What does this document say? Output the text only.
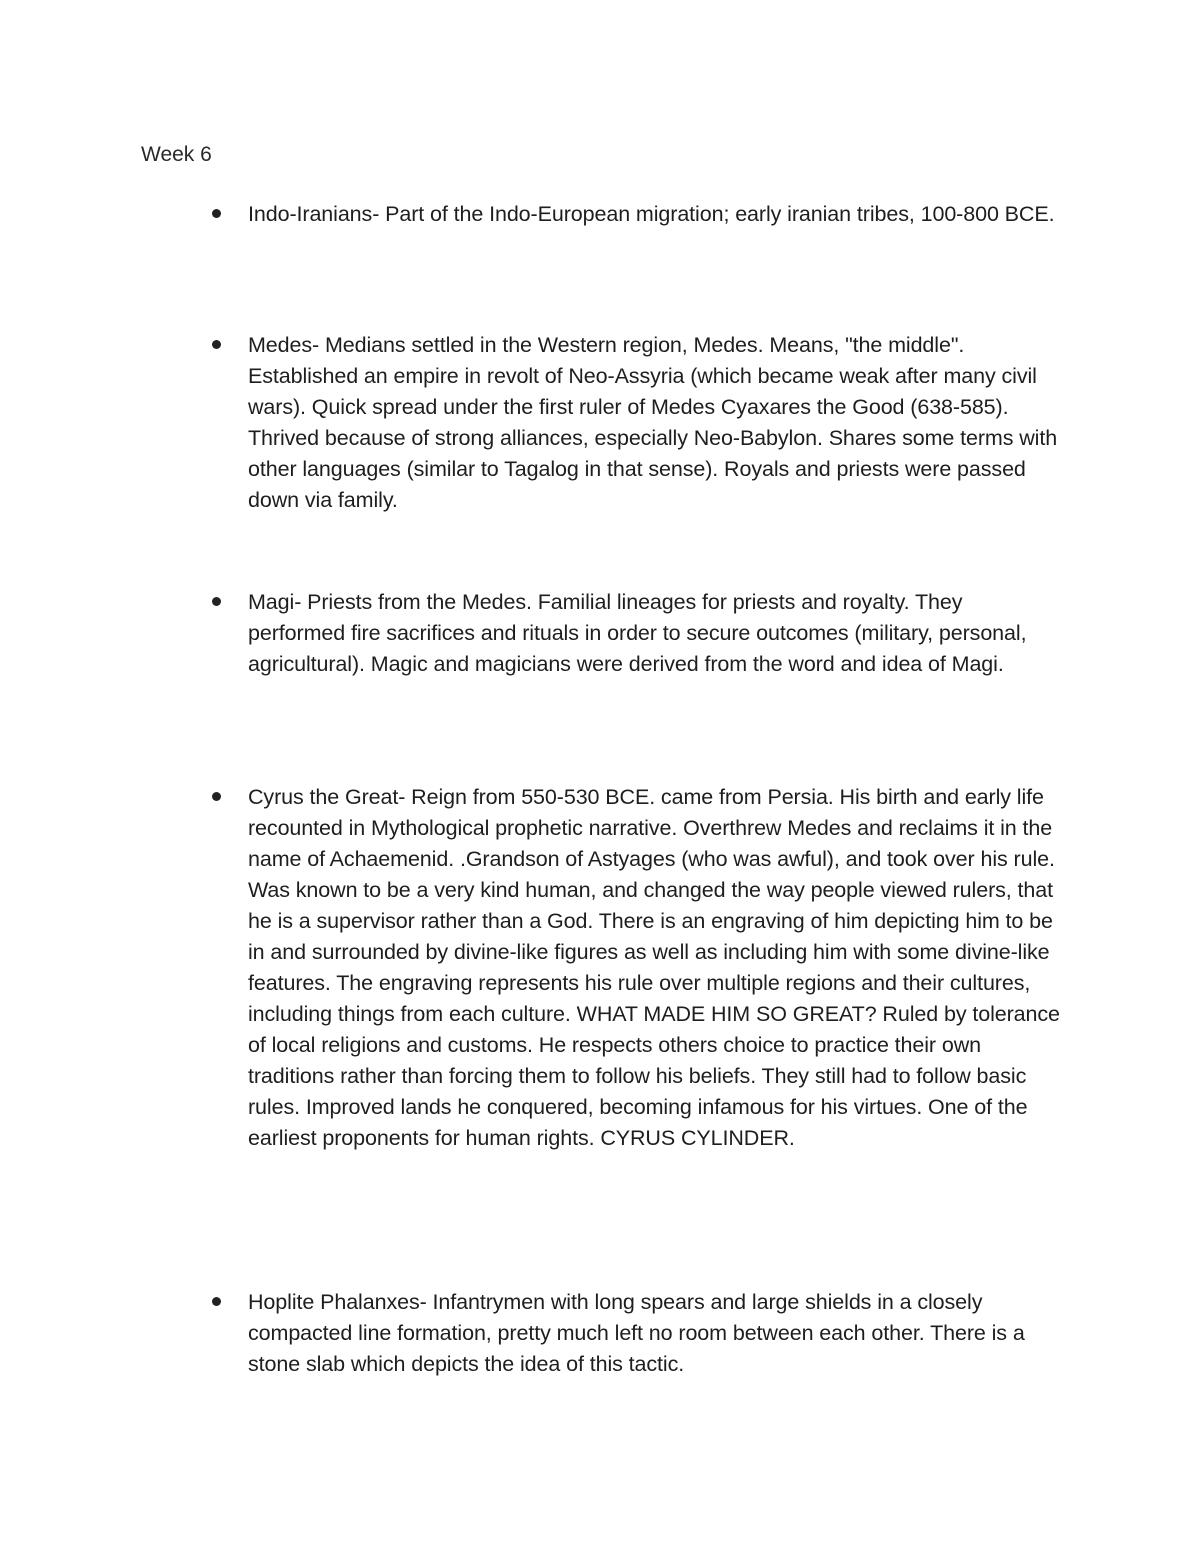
Week 6
Indo-Iranians- Part of the Indo-European migration; early iranian tribes, 100-800 BCE.
Medes- Medians settled in the Western region, Medes. Means, "the middle". Established an empire in revolt of Neo-Assyria (which became weak after many civil wars). Quick spread under the first ruler of Medes Cyaxares the Good (638-585). Thrived because of strong alliances, especially Neo-Babylon. Shares some terms with other languages (similar to Tagalog in that sense). Royals and priests were passed down via family.
Magi- Priests from the Medes. Familial lineages for priests and royalty. They performed fire sacrifices and rituals in order to secure outcomes (military, personal, agricultural). Magic and magicians were derived from the word and idea of Magi.
Cyrus the Great- Reign from 550-530 BCE. came from Persia. His birth and early life recounted in Mythological prophetic narrative. Overthrew Medes and reclaims it in the name of Achaemenid. .Grandson of Astyages (who was awful), and took over his rule. Was known to be a very kind human, and changed the way people viewed rulers, that he is a supervisor rather than a God. There is an engraving of him depicting him to be in and surrounded by divine-like figures as well as including him with some divine-like features. The engraving represents his rule over multiple regions and their cultures, including things from each culture. WHAT MADE HIM SO GREAT? Ruled by tolerance of local religions and customs. He respects others choice to practice their own traditions rather than forcing them to follow his beliefs. They still had to follow basic rules. Improved lands he conquered, becoming infamous for his virtues. One of the earliest proponents for human rights. CYRUS CYLINDER.
Hoplite Phalanxes- Infantrymen with long spears and large shields in a closely compacted line formation, pretty much left no room between each other. There is a stone slab which depicts the idea of this tactic.
